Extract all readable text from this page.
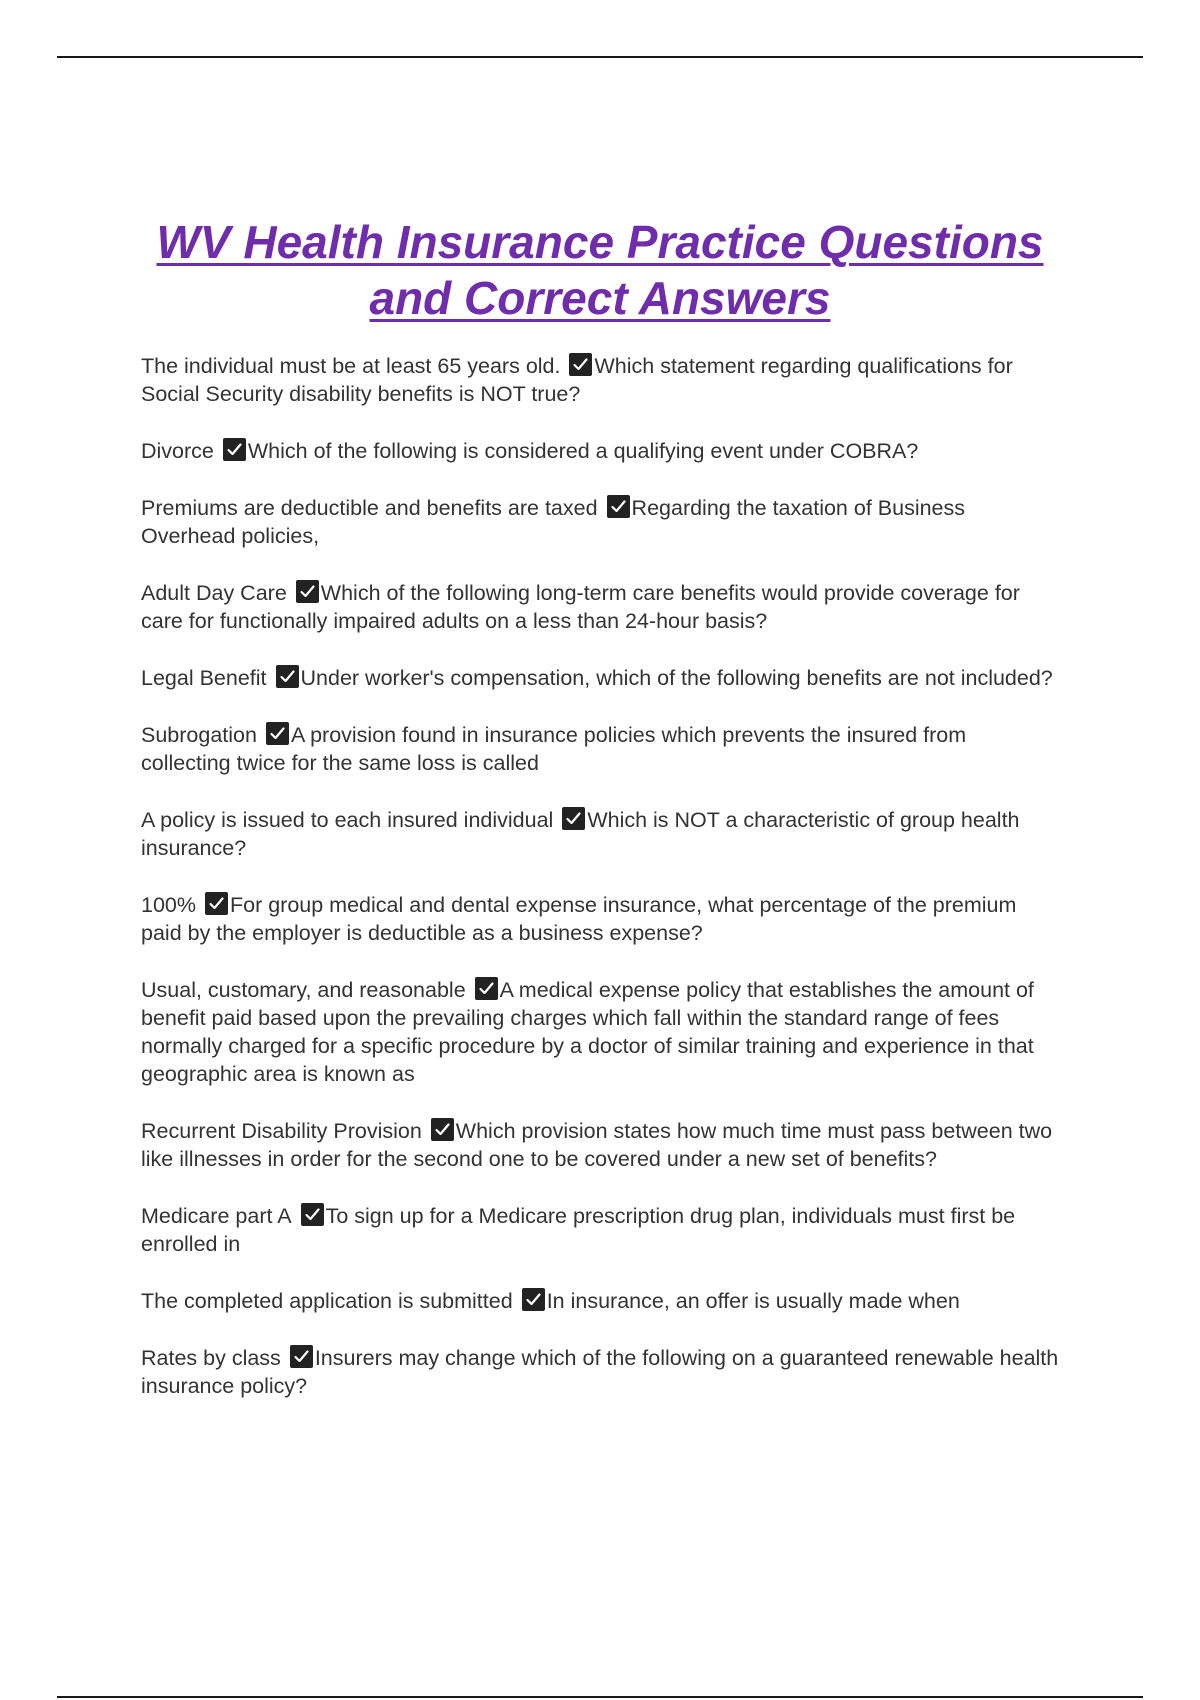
WV Health Insurance Practice Questions and Correct Answers
The individual must be at least 65 years old. Which statement regarding qualifications for Social Security disability benefits is NOT true?
Divorce Which of the following is considered a qualifying event under COBRA?
Premiums are deductible and benefits are taxed Regarding the taxation of Business Overhead policies,
Adult Day Care Which of the following long-term care benefits would provide coverage for care for functionally impaired adults on a less than 24-hour basis?
Legal Benefit Under worker's compensation, which of the following benefits are not included?
Subrogation A provision found in insurance policies which prevents the insured from collecting twice for the same loss is called
A policy is issued to each insured individual Which is NOT a characteristic of group health insurance?
100% For group medical and dental expense insurance, what percentage of the premium paid by the employer is deductible as a business expense?
Usual, customary, and reasonable A medical expense policy that establishes the amount of benefit paid based upon the prevailing charges which fall within the standard range of fees normally charged for a specific procedure by a doctor of similar training and experience in that geographic area is known as
Recurrent Disability Provision Which provision states how much time must pass between two like illnesses in order for the second one to be covered under a new set of benefits?
Medicare part A To sign up for a Medicare prescription drug plan, individuals must first be enrolled in
The completed application is submitted In insurance, an offer is usually made when
Rates by class Insurers may change which of the following on a guaranteed renewable health insurance policy?
